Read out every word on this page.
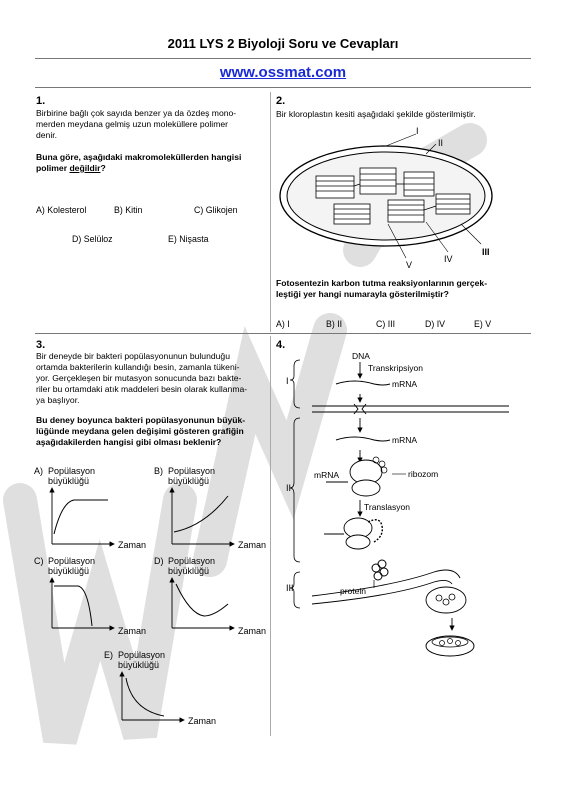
2011 LYS 2 Biyoloji Soru ve Cevapları
www.ossmat.com
1.
Birbirine bağlı çok sayıda benzer ya da özdeş mono-
merden meydana gelmiş uzun moleküllere polimer
denir.
Buna göre, aşağıdaki makromoleküllerden hangisi
polimer değildir?
A) Kolesterol	B) Kitin	C) Glikojen
D) Selüloz	E) Nişasta
2.
Bir kloroplastın kesiti aşağıdaki şekilde gösterilmiştir.
I
II
III
IV
V
Fotosentezin karbon tutma reaksiyonlarının gerçek-
leştiği yer hangi numarayla gösterilmiştir?
A) I	B) II	C) III	D) IV	E) V
3.
Bir deneyde bir bakteri popülasyonunun bulunduğu
ortamda bakterilerin kullandığı besin, zamanla tükeni-
yor. Gerçekleşen bir mutasyon sonucunda bazı bakte-
riler bu ortamdaki atık maddeleri besin olarak kullanma-
ya başlıyor.
Bu deney boyunca bakteri popülasyonunun büyük-
lüğünde meydana gelen değişimi gösteren grafiğin
aşağıdakilerden hangisi gibi olması beklenir?
A) Popülasyon
büyüklüğü
Zaman
B) Popülasyon
büyüklüğü
Zaman
C) Popülasyon
büyüklüğü
Zaman
D) Popülasyon
büyüklüğü
Zaman
E) Popülasyon
büyüklüğü
Zaman
4.
I
DNA
Transkripsiyon
mRNA
II
mRNA
mRNA	ribozom
Translasyon
III	protein
